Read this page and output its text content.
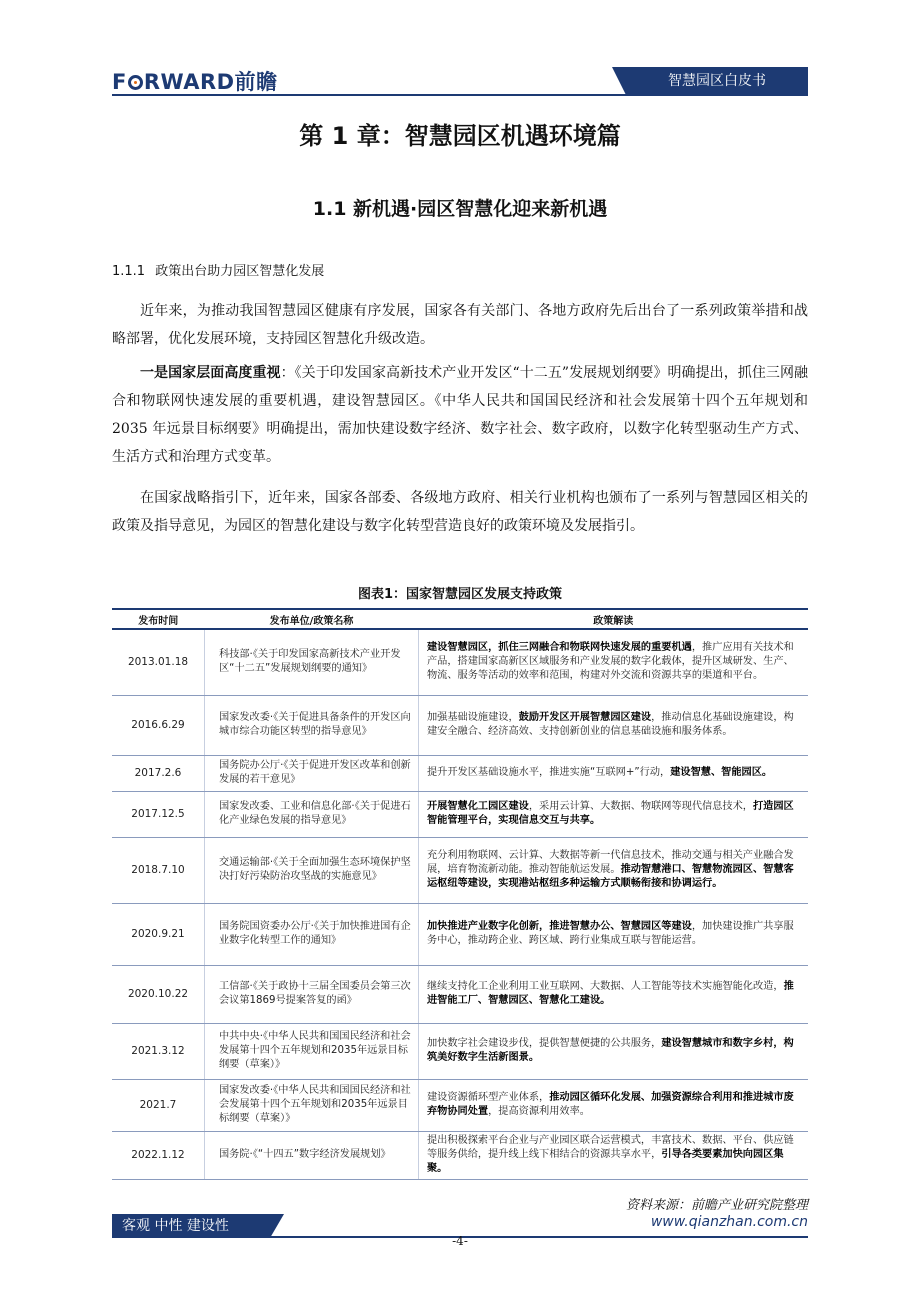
F RWARD前瞻	智慧园区白皮书
第 1 章：智慧园区机遇环境篇
1.1 新机遇·园区智慧化迎来新机遇
1.1.1 政策出台助力园区智慧化发展

近年来，为推动我国智慧园区健康有序发展，国家各有关部门、各地方政府先后出台了一系列政策举措和战略部署，优化发展环境，支持园区智慧化升级改造。

一是国家层面高度重视：《关于印发国家高新技术产业开发区“十二五”发展规划纲要》明确提出，抓住三网融合和物联网快速发展的重要机遇，建设智慧园区。《中华人民共和国国民经济和社会发展第十四个五年规划和 2035 年远景目标纲要》明确提出，需加快建设数字经济、数字社会、数字政府，以数字化转型驱动生产方式、生活方式和治理方式变革。

在国家战略指引下，近年来，国家各部委、各级地方政府、相关行业机构也颁布了一系列与智慧园区相关的政策及指导意见，为园区的智慧化建设与数字化转型营造良好的政策环境及发展指引。

图表1：国家智慧园区发展支持政策
发布时间	发布单位/政策名称	政策解读
2013.01.18	科技部·《关于印发国家高新技术产业开发区“十二五”发展规划纲要的通知》	建设智慧园区，抓住三网融合和物联网快速发展的重要机遇，推广应用有关技术和产品，搭建国家高新区区域服务和产业发展的数字化载体，提升区域研发、生产、物流、服务等活动的效率和范围，构建对外交流和资源共享的渠道和平台。
2016.6.29	国家发改委·《关于促进具备条件的开发区向城市综合功能区转型的指导意见》	加强基础设施建设，鼓励开发区开展智慧园区建设，推动信息化基础设施建设，构建安全融合、经济高效、支持创新创业的信息基础设施和服务体系。
2017.2.6	国务院办公厅·《关于促进开发区改革和创新发展的若干意见》	提升开发区基础设施水平，推进实施“互联网+”行动，建设智慧、智能园区。
2017.12.5	国家发改委、工业和信息化部·《关于促进石化产业绿色发展的指导意见》	开展智慧化工园区建设，采用云计算、大数据、物联网等现代信息技术，打造园区智能管理平台，实现信息交互与共享。
2018.7.10	交通运输部·《关于全面加强生态环境保护坚决打好污染防治攻坚战的实施意见》	充分利用物联网、云计算、大数据等新一代信息技术，推动交通与相关产业融合发展，培育物流新动能。推动智能航运发展。推动智慧港口、智慧物流园区、智慧客运枢纽等建设，实现港站枢纽多种运输方式顺畅衔接和协调运行。
2020.9.21	国务院国资委办公厅·《关于加快推进国有企业数字化转型工作的通知》	加快推进产业数字化创新，推进智慧办公、智慧园区等建设，加快建设推广共享服务中心，推动跨企业、跨区域、跨行业集成互联与智能运营。
2020.10.22	工信部·《关于政协十三届全国委员会第三次会议第1869号提案答复的函》	继续支持化工企业利用工业互联网、大数据、人工智能等技术实施智能化改造，推进智能工厂、智慧园区、智慧化工建设。
2021.3.12	中共中央·《中华人民共和国国民经济和社会发展第十四个五年规划和2035年远景目标纲要（草案）》	加快数字社会建设步伐，提供智慧便捷的公共服务，建设智慧城市和数字乡村，构筑美好数字生活新图景。
2021.7	国家发改委·《中华人民共和国国民经济和社会发展第十四个五年规划和2035年远景目标纲要（草案）》	建设资源循环型产业体系，推动园区循环化发展、加强资源综合利用和推进城市废弃物协同处置，提高资源利用效率。
2022.1.12	国务院·《“十四五”数字经济发展规划》	提出积极探索平台企业与产业园区联合运营模式，丰富技术、数据、平台、供应链等服务供给，提升线上线下相结合的资源共享水平，引导各类要素加快向园区集聚。
资料来源：前瞻产业研究院整理
客观 中性 建设性	www.qianzhan.com.cn
-4-
